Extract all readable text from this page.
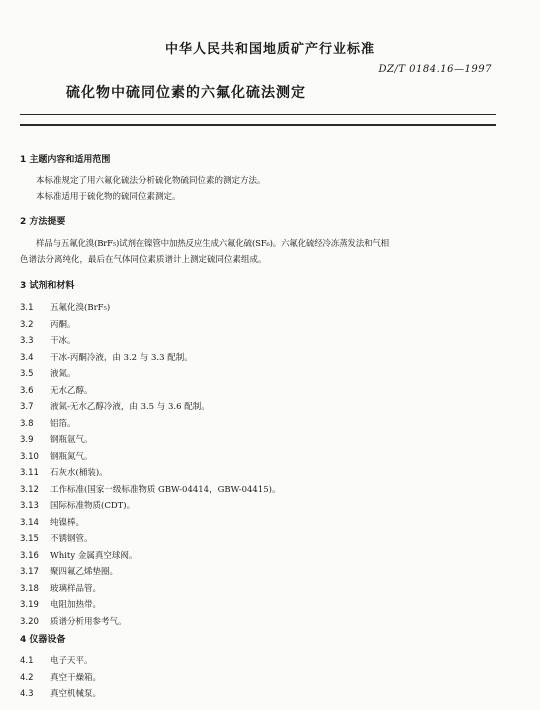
中华人民共和国地质矿产行业标准
DZ/T 0184.16—1997
硫化物中硫同位素的六氟化硫法测定
1 主题内容和适用范围
本标准规定了用六氟化硫法分析硫化物硫同位素的测定方法。
本标准适用于硫化物的硫同位素测定。
2 方法提要
样品与五氟化溴(BrF₅)试剂在镍管中加热反应生成六氟化硫(SF₆)。六氟化硫经冷冻蒸发法和气相
色谱法分离纯化，最后在气体同位素质谱计上测定硫同位素组成。
3 试剂和材料
3.1 五氟化溴(BrF₅)
3.2 丙酮。
3.3 干冰。
3.4 干冰-丙酮冷液，由 3.2 与 3.3 配制。
3.5 液氮。
3.6 无水乙醇。
3.7 液氮-无水乙醇冷液，由 3.5 与 3.6 配制。
3.8 铝箔。
3.9 钢瓶氩气。
3.10 钢瓶氮气。
3.11 石灰水(桶装)。
3.12 工作标准(国家一级标准物质 GBW-04414，GBW-04415)。
3.13 国际标准物质(CDT)。
3.14 纯镍棒。
3.15 不锈钢管。
3.16 Whity 金属真空球阀。
3.17 聚四氟乙烯垫圈。
3.18 玻璃样品管。
3.19 电阻加热带。
3.20 质谱分析用参考气。
4 仪器设备
4.1 电子天平。
4.2 真空干燥箱。
4.3 真空机械泵。
